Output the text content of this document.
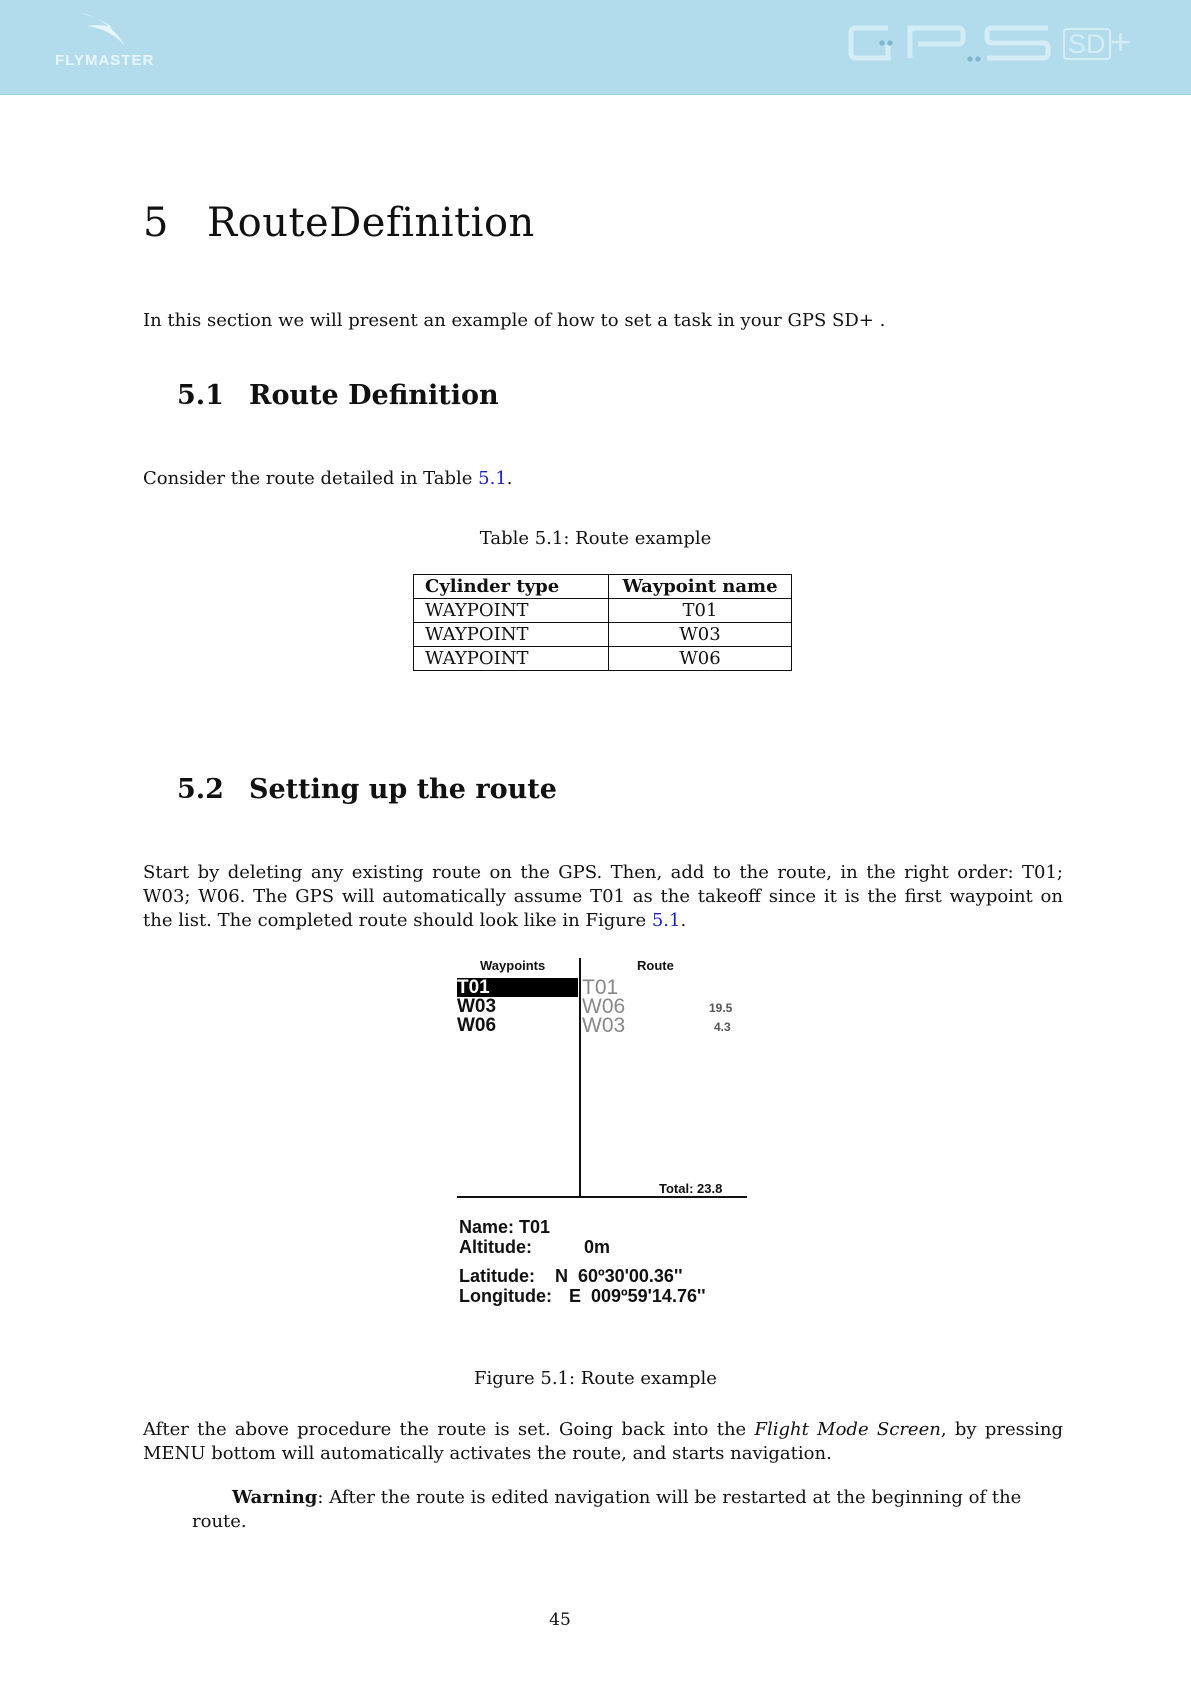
FLYMASTER
SD +
5 RouteDefinition

In this section we will present an example of how to set a task in your GPS SD+ .

5.1 Route Definition

Consider the route detailed in Table 5.1.

Table 5.1: Route example

Cylinder type	Waypoint name
WAYPOINT	T01
WAYPOINT	W03
WAYPOINT	W06
5.2 Setting up the route

Start by deleting any existing route on the GPS. Then, add to the route, in the right order: T01; W03; W06. The GPS will automatically assume T01 as the takeoff since it is the first waypoint on the list. The completed route should look like in Figure 5.1.

Waypoints	Route
T01
W03
W06
T01
W06
W03
19.5
4.3
Total: 23.8
Name: T01
Altitude:	0m
Latitude: N  60º30'00.36''
Longitude: E  009º59'14.76''

Figure 5.1: Route example

After the above procedure the route is set. Going back into the Flight Mode Screen, by pressing MENU bottom will automatically activates the route, and starts navigation.

Warning: After the route is edited navigation will be restarted at the beginning of the route.

45
